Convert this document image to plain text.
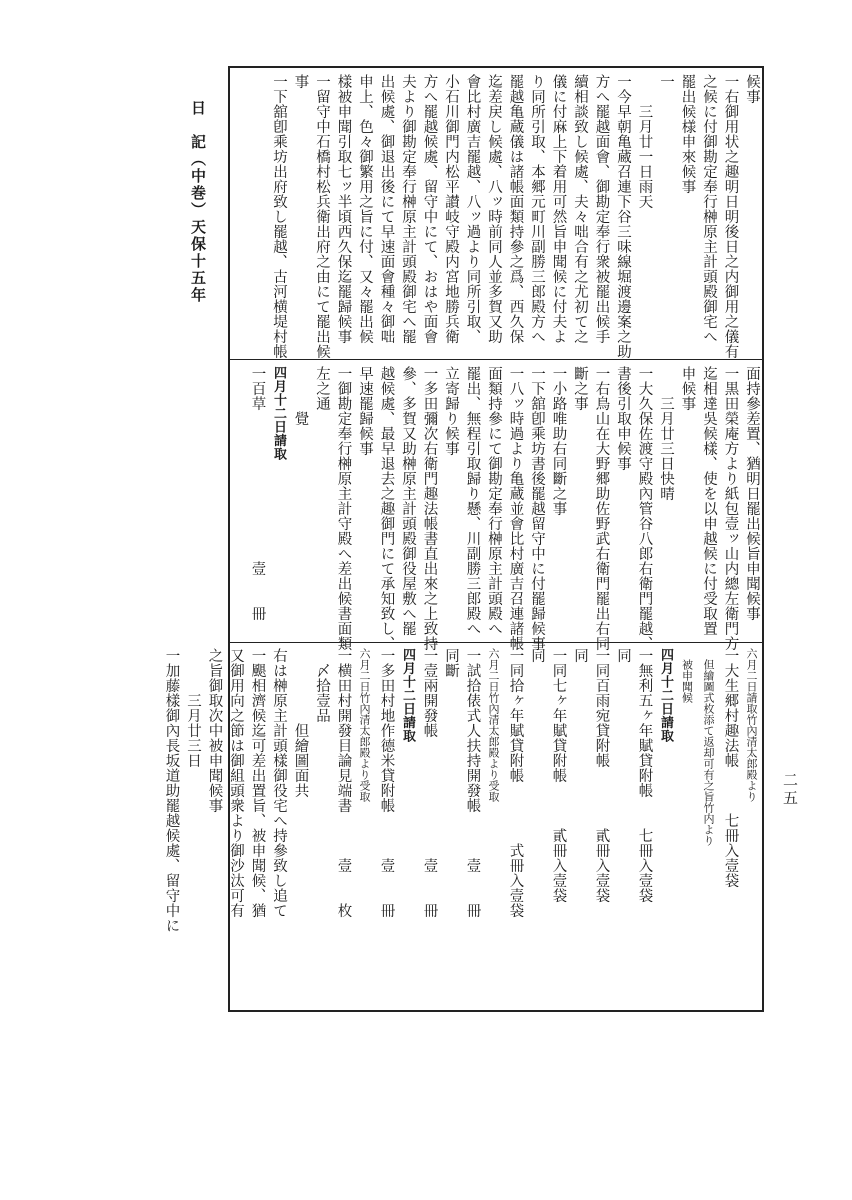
日　記（中巻）天保十五年
二五
候事
一右御用状之趣明日明後日之内御用之儀有
之候に付御勘定奉行榊原主計頭殿御宅へ
罷出候様申來候事
一
　　三月廿一日雨天
一今早朝亀蔵召連下谷三味線堀渡邊案之助
方へ罷越面會、御勘定奉行衆被罷出候手
續相談致し候處、夫々咄合有之尤初て之
儀に付麻上下着用可然旨申聞候に付夫よ
り同所引取、本郷元町川副勝三郎殿方へ
罷越亀蔵儀は諸帳面類持參之爲、西久保
迄差戻し候處、八ッ時前同人並多賀又助
會比村廣吉罷越、八ッ過より同所引取、
小石川御門内松平讃岐守殿内宮地勝兵衛
方へ罷越候處、留守中にて、おはや面會
夫より御勘定奉行榊原主計頭殿御宅へ罷
出候處、御退出後にて早速面會種々御咄
申上、色々御繁用之旨に付、又々罷出候
樣被申聞引取七ッ半頃西久保迄罷歸候事
一留守中石橋村松兵衛出府之由にて罷出候
事
一下舘卽乘坊出府致し罷越、古河横堤村帳
面持參差置、猶明日罷出候旨申聞候事
一黒田榮庵方より紙包壹ッ山内總左衛門方
迄相達吳候樣、使を以申越候に付受取置
申候事
　　三月廿三日快晴
一大久保佐渡守殿內管谷八郎右衛門罷越、
書後引取申候事
一右鳥山在大野郷助佐野武右衛門罷出右同
斷之事
一小路唯助右同斷之事
一下舘卽乘坊書後罷越留守中に付罷歸候事
一八ッ時過より亀蔵並會比村廣吉召連諸帳
面類持參にて御勘定奉行榊原主計頭殿へ
罷出、無程引取歸り懸、川副勝三郎殿へ
立寄歸り候事
一多田彌次右衛門趣法帳書直出來之上致持
參、多賀又助榊原主計頭殿御役屋敷へ罷
越候處、最早退去之趣御門にて承知致し、
早速罷歸候事
一御勘定奉行榊原主計守殿へ差出候書面類
左之通
　　　覺
四月十二日請取
一百草　　　　　　　　　　壹　　冊
六月二日請取竹內清太郎殿より
一大生郷村趣法帳　　　七冊入壹袋
　但繪圖式枚添て返却可有之旨竹内より
　被申聞候
四月十二日請取
一無利五ヶ年賦貸附帳　　七冊入壹袋
同
一同百雨宛貸附帳　　　　貳冊入壹袋
同
一同七ヶ年賦貸附帳　　　貳冊入壹袋
同
一同拾ヶ年賦貸附帳　　　　式冊入壹袋
六月二日竹內清太郎殿より受取
一試拾俵式人扶持開發帳　　　壹　　冊
同斷
一壹兩開發帳　　　　　　　　壹　　冊
四月十二日請取
一多田村地作德米貸附帳　　　壹　　冊
六月二日竹內清太郎殿より受取
一横田村開發目論見端書　　　壹　　枚
　〆拾壹品
　　　　　但繪圖面共
右は榊原主計頭樣御役宅へ持參致し追て
一颶相濟候迄可差出置旨、被申聞候、猶
又御用向之節は御組頭衆より御沙汰可有
之旨御取次中被申聞候事
　　　三月廿三日
一加藤樣御內長坂道助罷越候處、留守中に
